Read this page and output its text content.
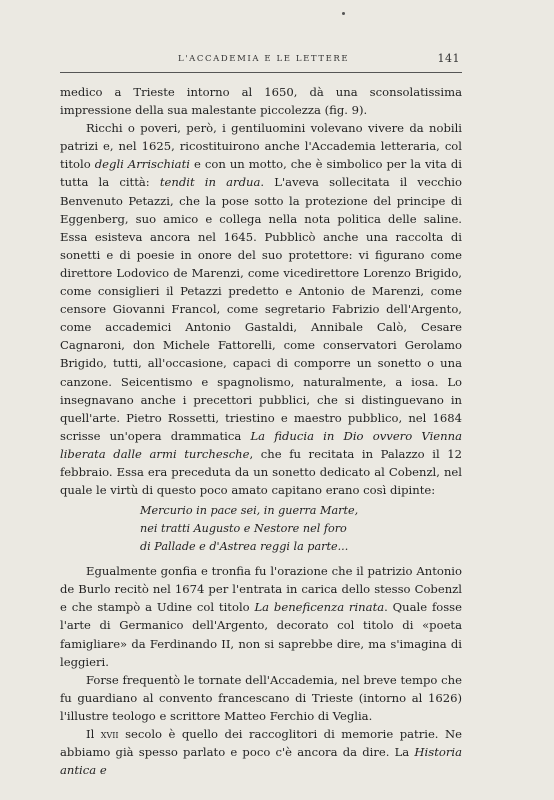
L'ACCADEMIA E LE LETTERE	141

medico a Trieste intorno al 1650, dà una sconsolatissima impressione della sua malestante piccolezza (fig. 9).

Ricchi o poveri, però, i gentiluomini volevano vivere da nobili patrizi e, nel 1625, ricostituirono anche l'Accademia letteraria, col titolo degli Arrischiati e con un motto, che è simbolico per la vita di tutta la città: tendit in ardua. L'aveva sollecitata il vecchio Benvenuto Petazzi, che la pose sotto la protezione del principe di Eggenberg, suo amico e collega nella nota politica delle saline. Essa esisteva ancora nel 1645. Pubblicò anche una raccolta di sonetti e di poesie in onore del suo protettore: vi figurano come direttore Lodovico de Marenzi, come vicedirettore Lorenzo Brigido, come consiglieri il Petazzi predetto e Antonio de Marenzi, come censore Giovanni Francol, come segretario Fabrizio dell'Argento, come accademici Antonio Gastaldi, Annibale Calò, Cesare Cagnaroni, don Michele Fattorelli, come conservatori Gerolamo Brigido, tutti, all'occasione, capaci di comporre un sonetto o una canzone. Seicentismo e spagnolismo, naturalmente, a iosa. Lo insegnavano anche i precettori pubblici, che si distinguevano in quell'arte. Pietro Rossetti, triestino e maestro pubblico, nel 1684 scrisse un'opera drammatica La fiducia in Dio ovvero Vienna liberata dalle armi turchesche, che fu recitata in Palazzo il 12 febbraio. Essa era preceduta da un sonetto dedicato al Cobenzl, nel quale le virtù di questo poco amato capitano erano così dipinte:

Mercurio in pace sei, in guerra Marte,
nei tratti Augusto e Nestore nel foro
di Pallade e d'Astrea reggi la parte...

Egualmente gonfia e tronfia fu l'orazione che il patrizio Antonio de Burlo recitò nel 1674 per l'entrata in carica dello stesso Cobenzl e che stampò a Udine col titolo La beneficenza rinata. Quale fosse l'arte di Germanico dell'Argento, decorato col titolo di «poeta famigliare» da Ferdinando II, non si saprebbe dire, ma s'imagina di leggieri.

Forse frequentò le tornate dell'Accademia, nel breve tempo che fu guardiano al convento francescano di Trieste (intorno al 1626) l'illustre teologo e scrittore Matteo Ferchio di Veglia.

Il xvii secolo è quello dei raccoglitori di memorie patrie. Ne abbiamo già spesso parlato e poco c'è ancora da dire. La Historia antica e
